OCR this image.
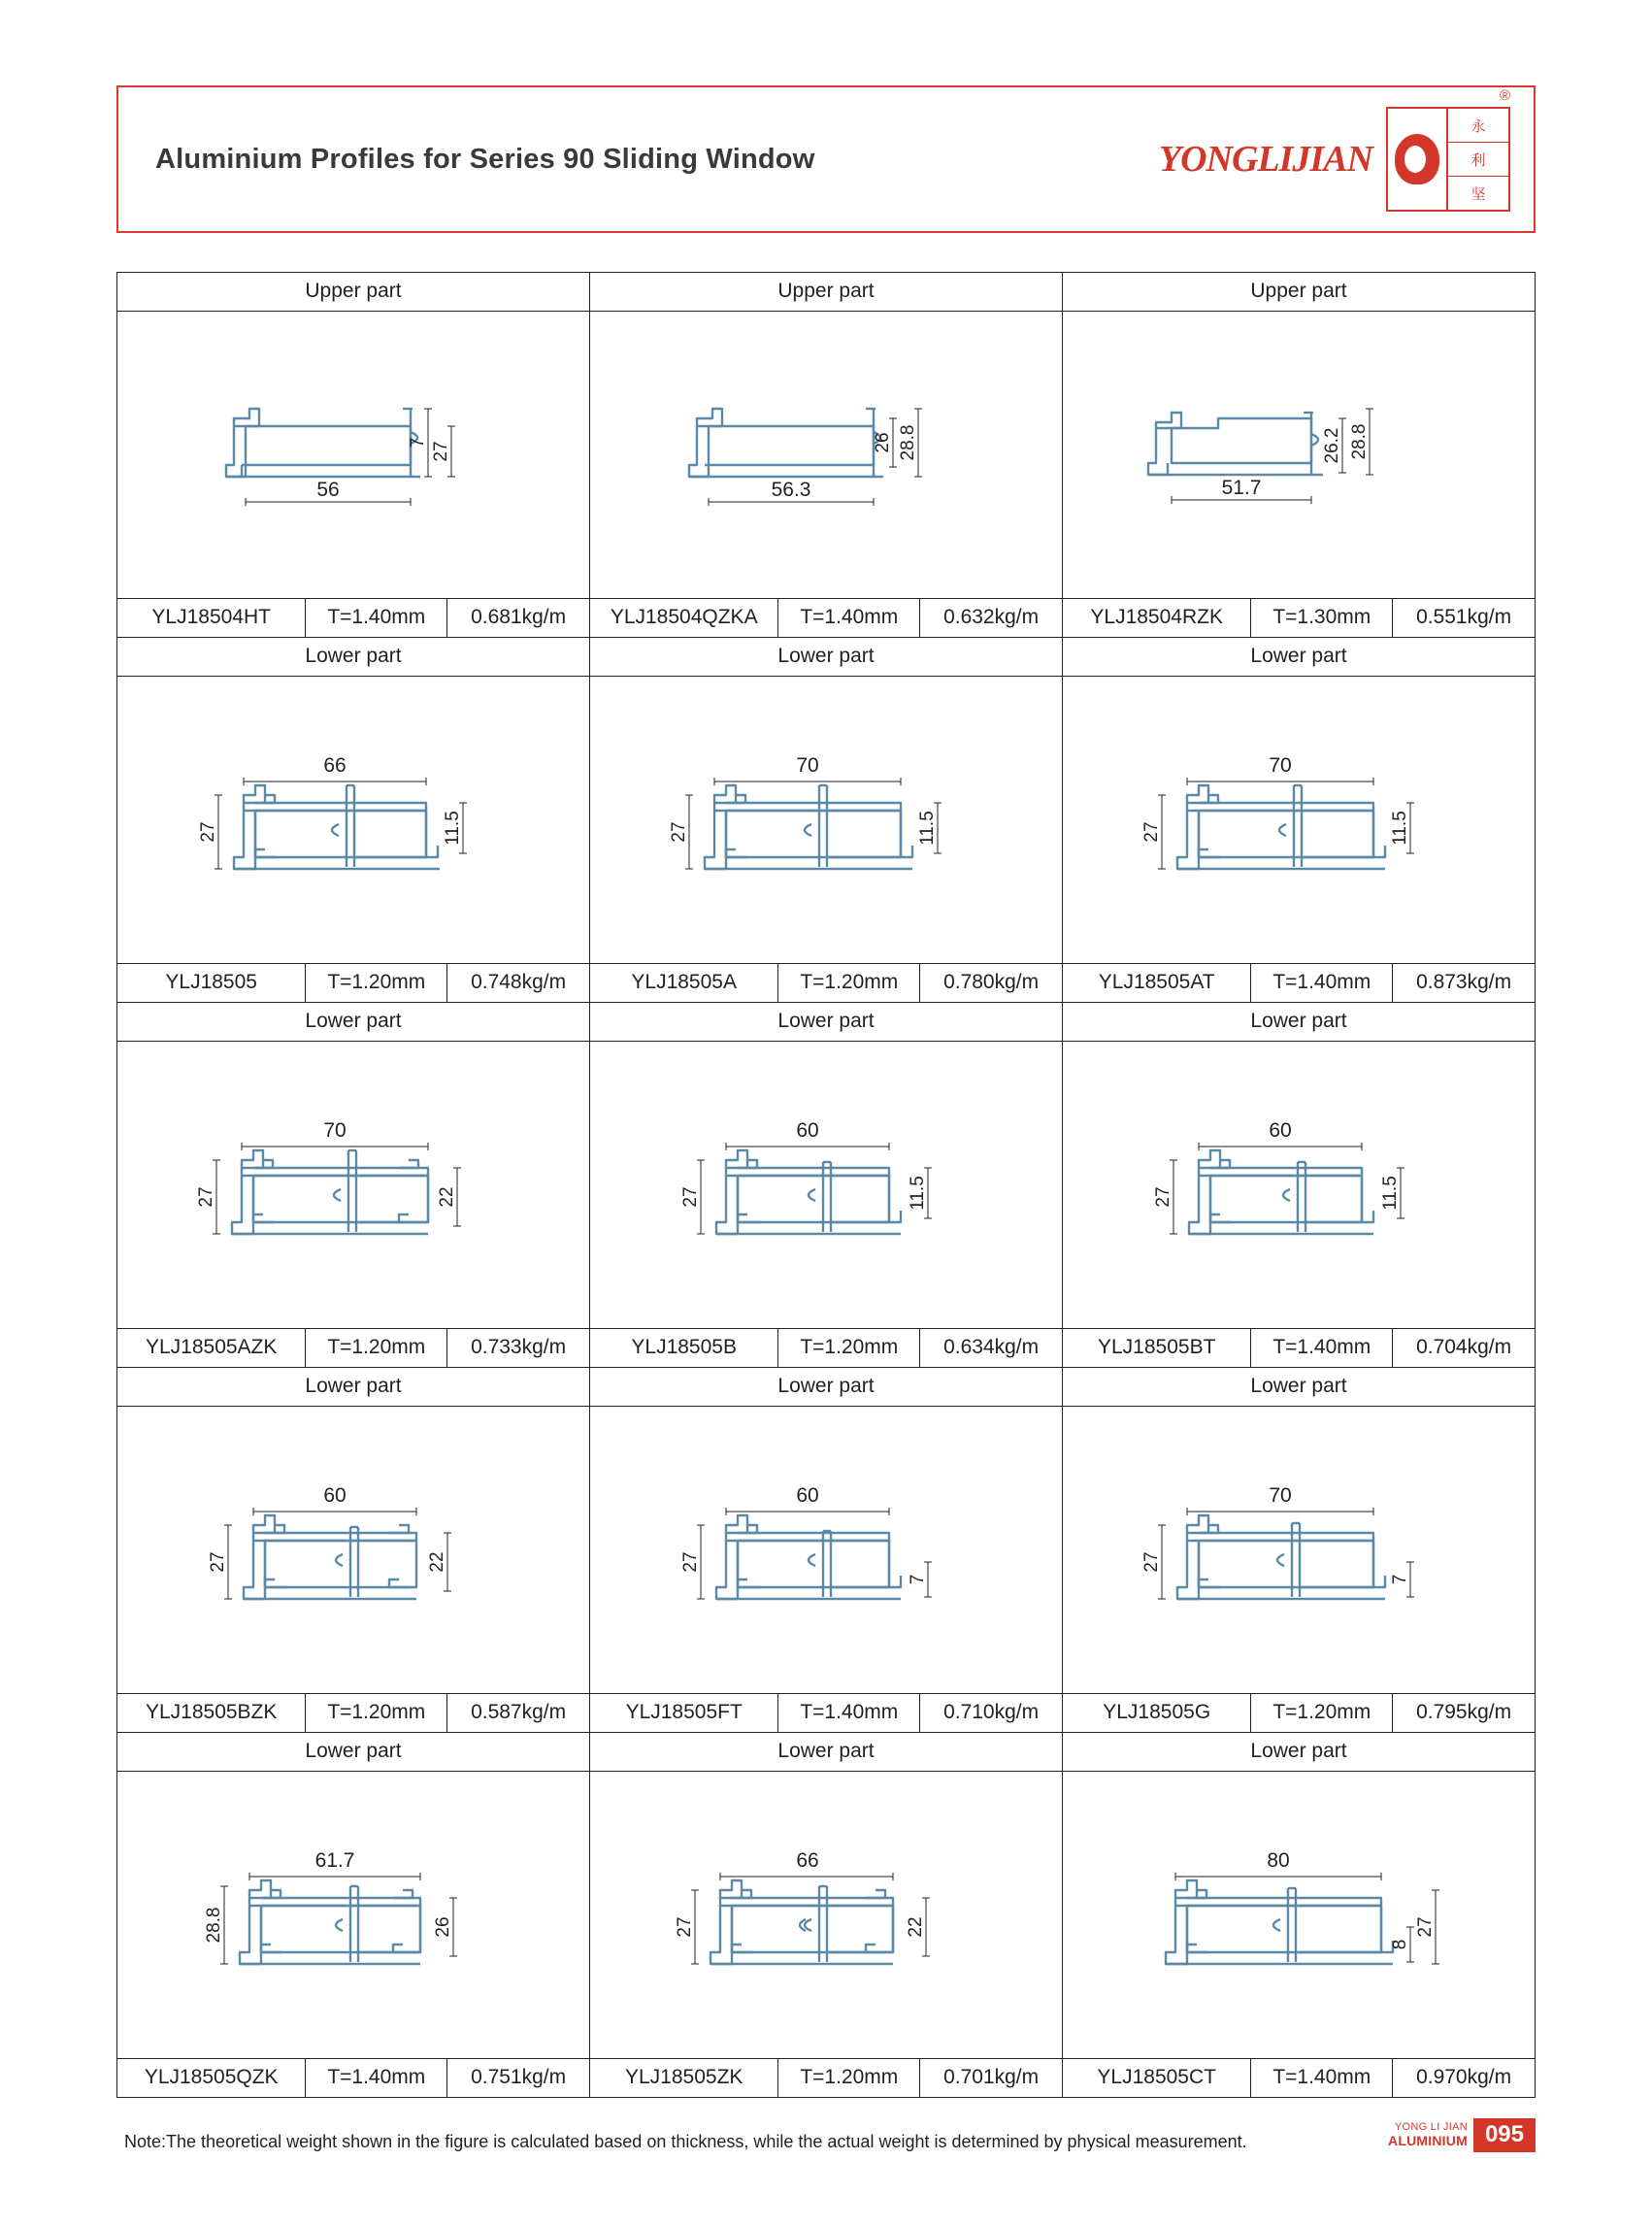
Aluminium Profiles for Series 90 Sliding Window	YONGLIJIAN
®
永
利
坚
Upper part	Upper part	Upper part
56
7 27
56.3
26 28.8
51.7
26.2 28.8
YLJ18504HT	T=1.40mm	0.681kg/m	YLJ18504QZKA	T=1.40mm	0.632kg/m	YLJ18504RZK	T=1.30mm	0.551kg/m
Lower part	Lower part	Lower part
66
27	11.5
70
27	11.5
70
27	11.5
YLJ18505	T=1.20mm	0.748kg/m	YLJ18505A	T=1.20mm	0.780kg/m	YLJ18505AT	T=1.40mm	0.873kg/m
Lower part	Lower part	Lower part
70
27	22
60
27	11.5
60
27	11.5
YLJ18505AZK	T=1.20mm	0.733kg/m	YLJ18505B	T=1.20mm	0.634kg/m	YLJ18505BT	T=1.40mm	0.704kg/m
Lower part	Lower part	Lower part
60
27	22
60
27
7
70
27
7
YLJ18505BZK	T=1.20mm	0.587kg/m	YLJ18505FT	T=1.40mm	0.710kg/m	YLJ18505G	T=1.20mm	0.795kg/m
Lower part	Lower part	Lower part
61.7
28.8	26
66
27	22
80
8
27
YLJ18505QZK	T=1.40mm	0.751kg/m	YLJ18505ZK	T=1.20mm	0.701kg/m	YLJ18505CT	T=1.40mm	0.970kg/m
Note:The theoretical weight shown in the figure is calculated based on thickness, while the actual weight is determined by physical measurement.
YONG LI JIAN
ALUMINIUM 095
